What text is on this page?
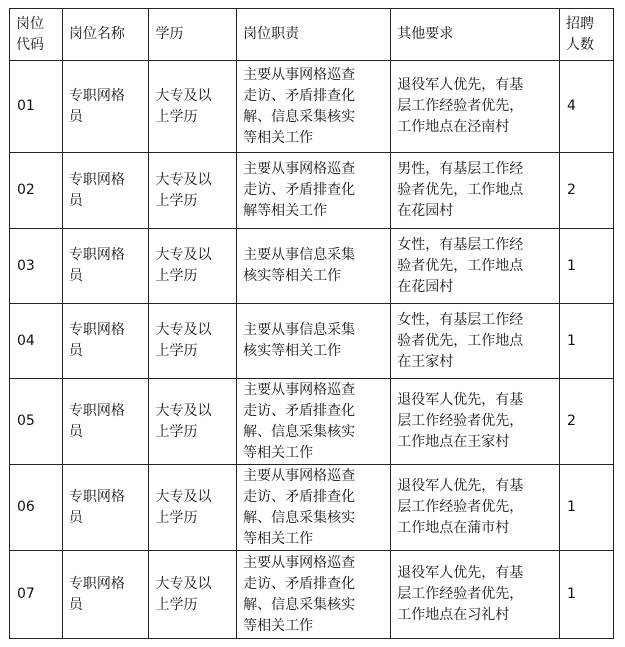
岗位
代码	岗位名称	学历	岗位职责	其他要求	招聘
人数
01	专职网格
员	大专及以
上学历	主要从事网格巡查
走访、矛盾排查化
解、信息采集核实
等相关工作	退役军人优先，有基
层工作经验者优先，
工作地点在泾南村	4
02	专职网格
员	大专及以
上学历	主要从事网格巡查
走访、矛盾排查化
解等相关工作	男性，有基层工作经
验者优先，工作地点
在花园村	2
03	专职网格
员	大专及以
上学历	主要从事信息采集
核实等相关工作	女性，有基层工作经
验者优先，工作地点
在花园村	1
04	专职网格
员	大专及以
上学历	主要从事信息采集
核实等相关工作	女性，有基层工作经
验者优先，工作地点
在王家村	1
05	专职网格
员	大专及以
上学历	主要从事网格巡查
走访、矛盾排查化
解、信息采集核实
等相关工作	退役军人优先，有基
层工作经验者优先，
工作地点在王家村	2
06	专职网格
员	大专及以
上学历	主要从事网格巡查
走访、矛盾排查化
解、信息采集核实
等相关工作	退役军人优先，有基
层工作经验者优先，
工作地点在蒲市村	1
07	专职网格
员	大专及以
上学历	主要从事网格巡查
走访、矛盾排查化
解、信息采集核实
等相关工作	退役军人优先，有基
层工作经验者优先，
工作地点在习礼村	1
